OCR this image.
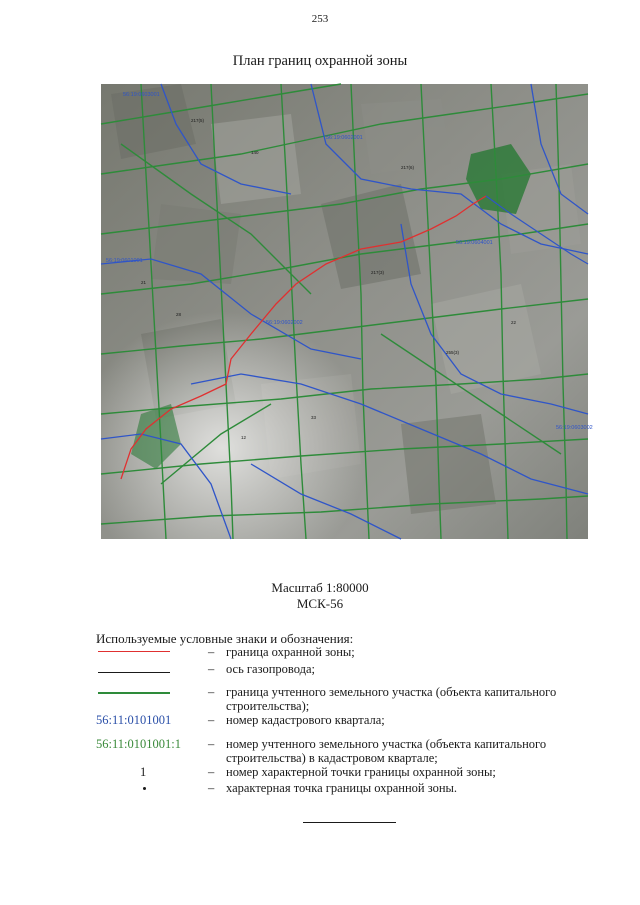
253
План границ охранной зоны
56:19:0603001
56:19:0602001
56:19:0604001
56:19:0601001
56:19:0602002
56:19:0603002
217(5)
217(6)
217(3)
255(3)
140
28
12
33
21
22
Масштаб 1:80000
МСК-56
Используемые условные знаки и обозначения:
– граница охранной зоны;
– ось газопровода;
– граница учтенного земельного участка (объекта капитального строительства);
56:11:0101001	– номер кадастрового квартала;
56:11:0101001:1	– номер учтенного земельного участка (объекта капитального строительства) в кадастровом квартале;
1	– номер характерной точки границы охранной зоны;
– характерная точка границы охранной зоны.
